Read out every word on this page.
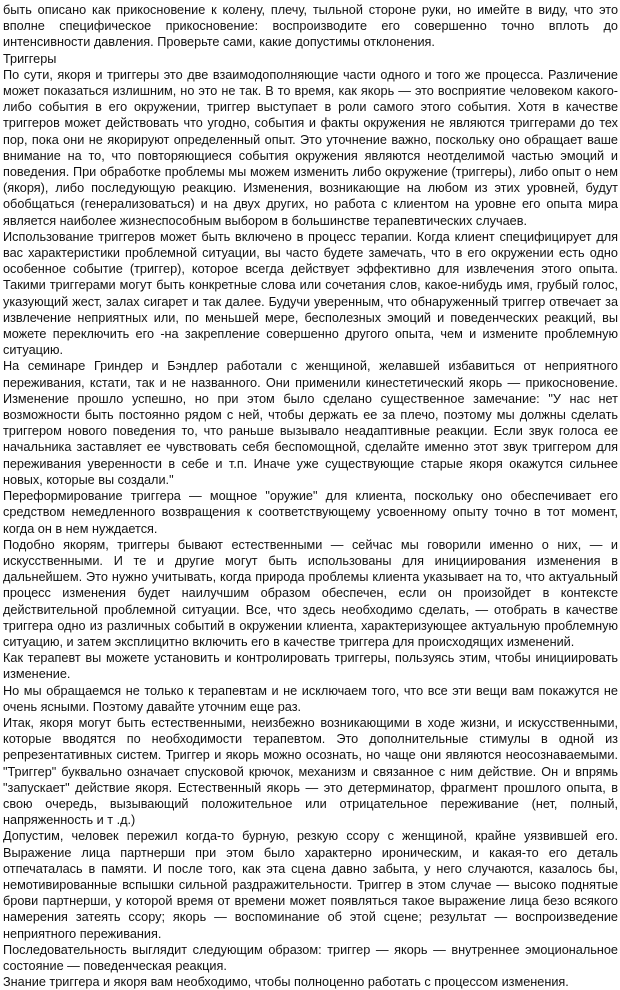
быть описано как прикосновение к колену, плечу, тыльной стороне руки, но имейте в виду, что это вполне специфическое прикосновение: воспроизводите его совершенно точно вплоть до интенсивности давления. Проверьте сами, какие допустимы отклонения.

Триггеры

По сути, якоря и триггеры это две взаимодополняющие части одного и того же процесса. Различение может показаться излишним, но это не так. В то время, как якорь — это восприятие человеком какого-либо события в его окружении, триггер выступает в роли самого этого события. Хотя в качестве триггеров может действовать что угодно, события и факты окружения не являются триггерами до тех пор, пока они не якорируют определенный опыт. Это уточнение важно, поскольку оно обращает ваше внимание на то, что повторяющиеся события окружения являются неотделимой частью эмоций и поведения. При обработке проблемы мы можем изменить либо окружение (триггеры), либо опыт о нем (якоря), либо последующую реакцию. Изменения, возникающие на любом из этих уровней, будут обобщаться (генерализоваться) и на двух других, но работа с клиентом на уровне его опыта мира является наиболее жизнеспособным выбором в большинстве терапевтических случаев.

Использование триггеров может быть включено в процесс терапии. Когда клиент специфицирует для вас характеристики проблемной ситуации, вы часто будете замечать, что в его окружении есть одно особенное событие (триггер), которое всегда действует эффективно для извлечения этого опыта. Такими триггерами могут быть конкретные слова или сочетания слов, какое-нибудь имя, грубый голос, указующий жест, залах сигарет и так далее. Будучи уверенным, что обнаруженный триггер отвечает за извлечение неприятных или, по меньшей мере, бесполезных эмоций и поведенческих реакций, вы можете переключить его -на закрепление совершенно другого опыта, чем и измените проблемную ситуацию.

На семинаре Гриндер и Бэндлер работали с женщиной, желавшей избавиться от неприятного переживания, кстати, так и не названного. Они применили кинестетический якорь — прикосновение. Изменение прошло успешно, но при этом было сделано существенное замечание: "У нас нет возможности быть постоянно рядом с ней, чтобы держать ее за плечо, поэтому мы должны сделать триггером нового поведения то, что раньше вызывало неадаптивные реакции. Если звук голоса ее начальника заставляет ее чувствовать себя беспомощной, сделайте именно этот звук триггером для переживания уверенности в себе и т.п. Иначе уже существующие старые якоря окажутся сильнее новых, которые вы создали."

Переформирование триггера — мощное "оружие" для клиента, поскольку оно обеспечивает его средством немедленного возвращения к соответствующему усвоенному опыту точно в тот момент, когда он в нем нуждается.

Подобно якорям, триггеры бывают естественными — сейчас мы говорили именно о них, — и искусственными. И те и другие могут быть использованы для инициирования изменения в дальнейшем. Это нужно учитывать, когда природа проблемы клиента указывает на то, что актуальный процесс изменения будет наилучшим образом обеспечен, если он произойдет в контексте действительной проблемной ситуации. Все, что здесь необходимо сделать, — отобрать в качестве триггера одно из различных событий в окружении клиента, характеризующее актуальную проблемную ситуацию, и затем эксплицитно включить его в качестве триггера для происходящих изменений.

Как терапевт вы можете установить и контролировать триггеры, пользуясь этим, чтобы инициировать изменение.

Но мы обращаемся не только к терапевтам и не исключаем того, что все эти вещи вам покажутся не очень ясными. Поэтому давайте уточним еще раз.

Итак, якоря могут быть естественными, неизбежно возникающими в ходе жизни, и искусственными, которые вводятся по необходимости терапевтом. Это дополнительные стимулы в одной из репрезентативных систем. Триггер и якорь можно осознать, но чаще они являются неосознаваемыми. "Триггер" буквально означает спусковой крючок, механизм и связанное с ним действие. Он и впрямь "запускает" действие якоря. Естественный якорь — это детерминатор, фрагмент прошлого опыта, в свою очередь, вызывающий положительное или отрицательное переживание (нет, полный, напряженность и т .д.)

Допустим, человек пережил когда-то бурную, резкую ссору с женщиной, крайне уязвившей его. Выражение лица партнерши при этом было характерно ироническим, и какая-то его деталь отпечаталась в памяти. И после того, как эта сцена давно забыта, у него случаются, казалось бы, немотивированные вспышки сильной раздражительности. Триггер в этом случае — высоко поднятые брови партнерши, у которой время от времени может появляться такое выражение лица безо всякого намерения затеять ссору; якорь — воспоминание об этой сцене; результат — воспроизведение неприятного переживания.

Последовательность выглядит следующим образом: триггер — якорь — внутреннее эмоциональное состояние — поведенческая реакция.

Знание триггера и якоря вам необходимо, чтобы полноценно работать с процессом изменения.
